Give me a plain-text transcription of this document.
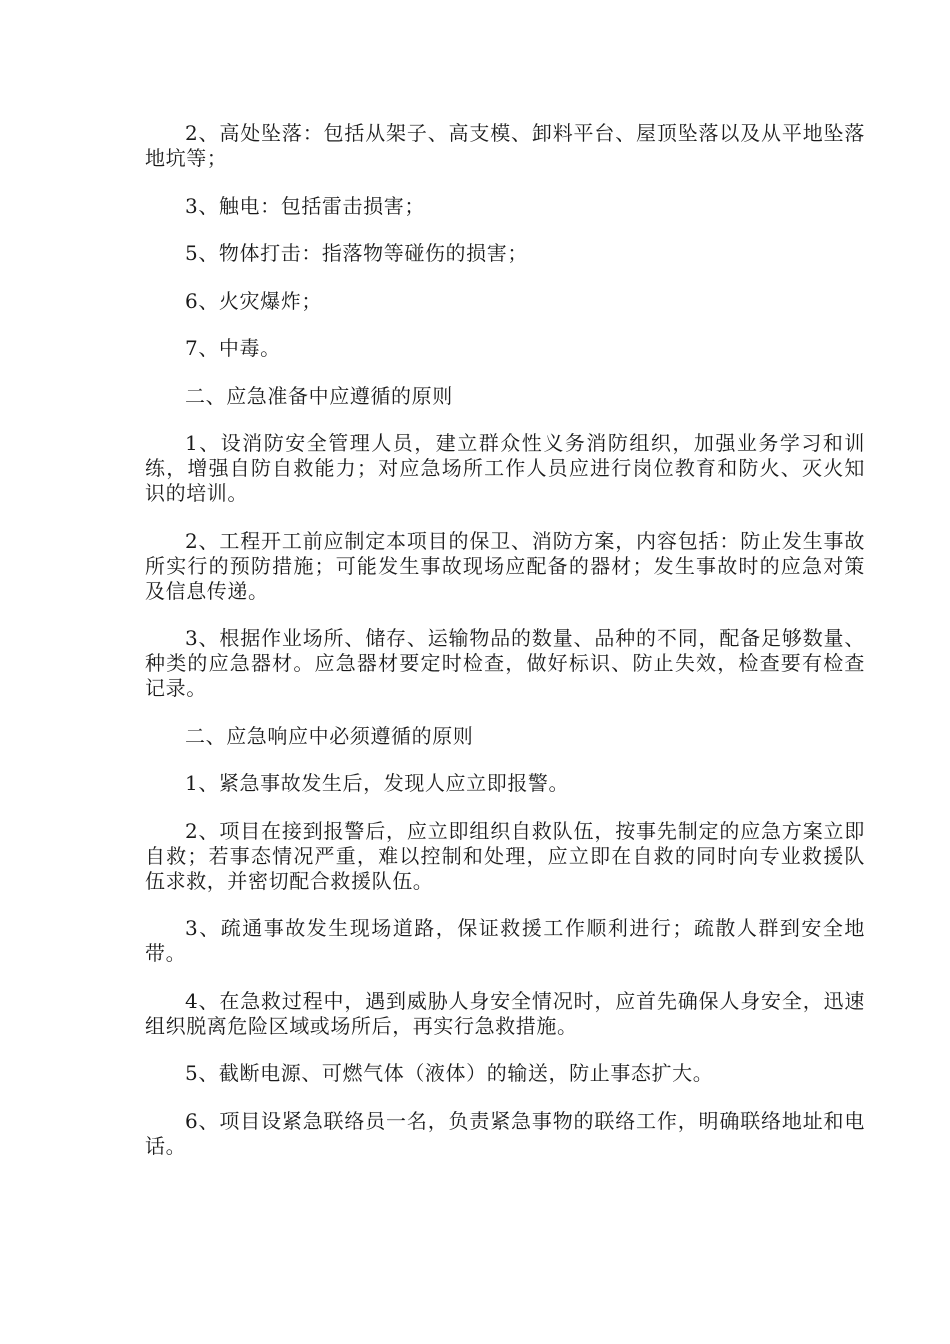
2、高处坠落：包括从架子、高支模、卸料平台、屋顶坠落以及从平地坠落地坑等；

3、触电：包括雷击损害；

5、物体打击：指落物等碰伤的损害；

6、火灾爆炸；

7、中毒。

二、应急准备中应遵循的原则

1、设消防安全管理人员，建立群众性义务消防组织，加强业务学习和训练，增强自防自救能力；对应急场所工作人员应进行岗位教育和防火、灭火知识的培训。

2、工程开工前应制定本项目的保卫、消防方案，内容包括：防止发生事故所实行的预防措施；可能发生事故现场应配备的器材；发生事故时的应急对策及信息传递。

3、根据作业场所、储存、运输物品的数量、品种的不同，配备足够数量、种类的应急器材。应急器材要定时检查，做好标识、防止失效，检查要有检查记录。

二、应急响应中必须遵循的原则

1、紧急事故发生后，发现人应立即报警。

2、项目在接到报警后，应立即组织自救队伍，按事先制定的应急方案立即自救；若事态情况严重，难以控制和处理，应立即在自救的同时向专业救援队伍求救，并密切配合救援队伍。

3、疏通事故发生现场道路，保证救援工作顺利进行；疏散人群到安全地带。

4、在急救过程中，遇到威胁人身安全情况时，应首先确保人身安全，迅速组织脱离危险区域或场所后，再实行急救措施。

5、截断电源、可燃气体（液体）的输送，防止事态扩大。

6、项目设紧急联络员一名，负责紧急事物的联络工作，明确联络地址和电话。
